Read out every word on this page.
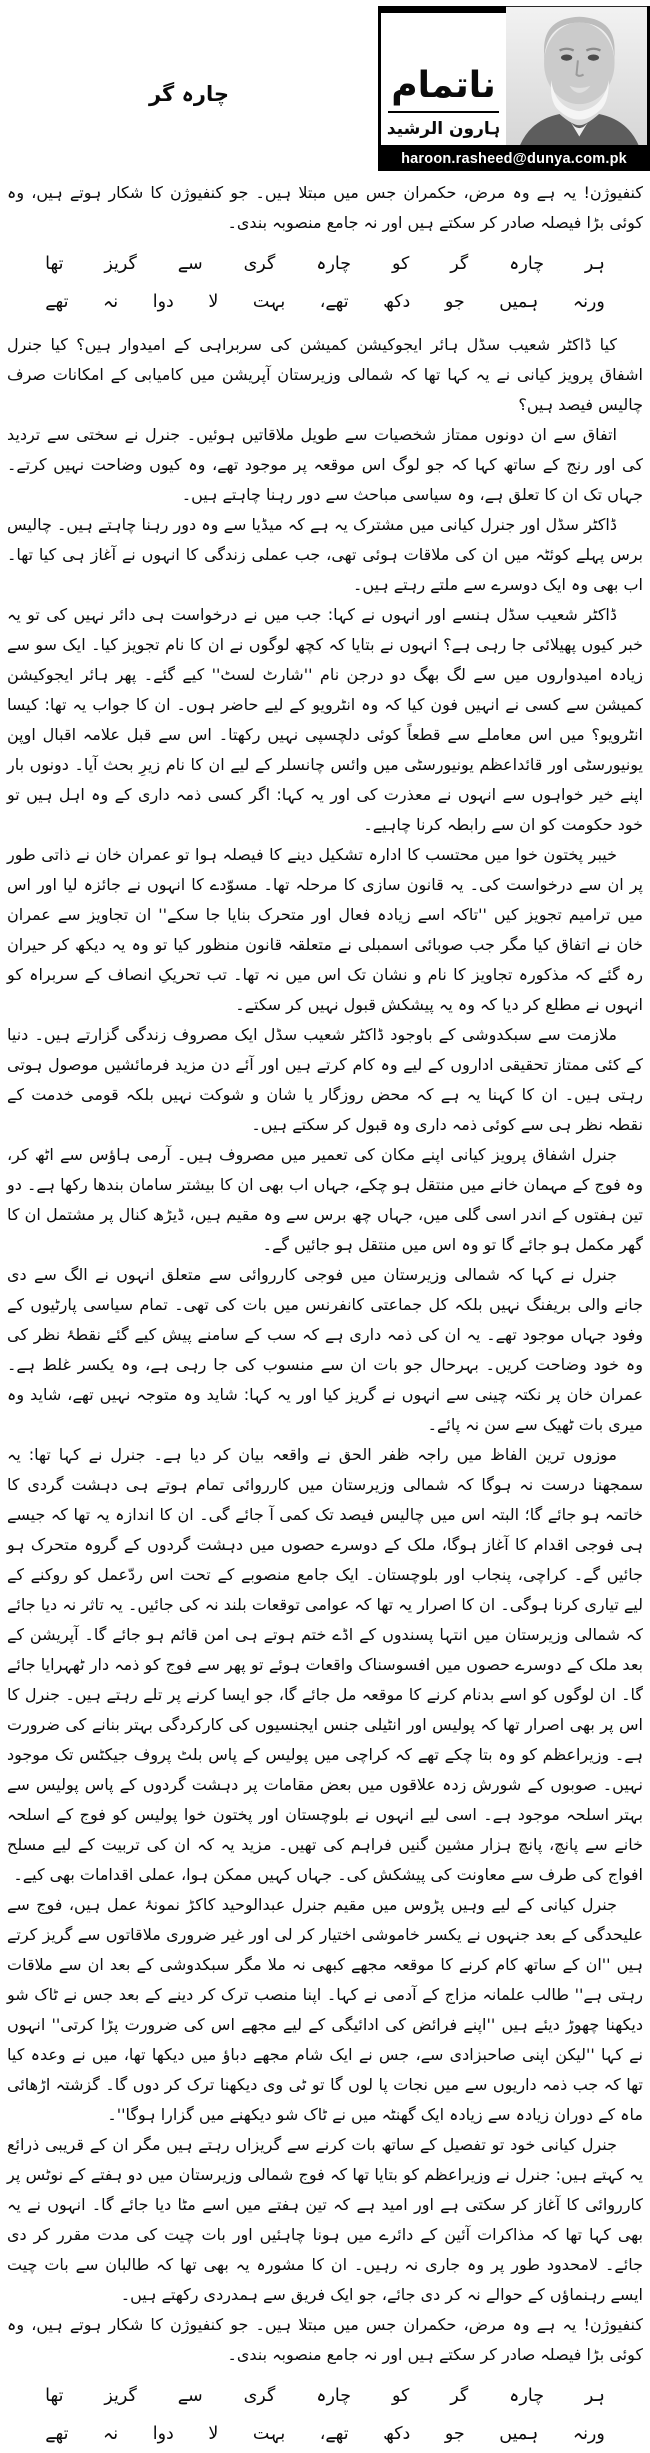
ناتمام
ہارون الرشید
haroon.rasheed@dunya.com.pk
چارہ گر

کنفیوژن! یہ ہے وہ مرض، حکمران جس میں مبتلا ہیں۔ جو کنفیوژن کا شکار ہوتے ہیں، وہ کوئی بڑا فیصلہ صادر کر سکتے ہیں اور نہ جامع منصوبہ بندی۔

ہر
چارہ
گر
کو
چارہ
گری
سے
گریز
تھا
ورنہ
ہمیں
جو
دکھ
تھے،
بہت
لا
دوا
نہ
تھے

کیا ڈاکٹر شعیب سڈل ہائر ایجوکیشن کمیشن کی سربراہی کے امیدوار ہیں؟ کیا جنرل اشفاق پرویز کیانی نے یہ کہا تھا کہ شمالی وزیرستان آپریشن میں کامیابی کے امکانات صرف چالیس فیصد ہیں؟

اتفاق سے ان دونوں ممتاز شخصیات سے طویل ملاقاتیں ہوئیں۔ جنرل نے سختی سے تردید کی اور رنج کے ساتھ کہا کہ جو لوگ اس موقعہ پر موجود تھے، وہ کیوں وضاحت نہیں کرتے۔ جہاں تک ان کا تعلق ہے، وہ سیاسی مباحث سے دور رہنا چاہتے ہیں۔

ڈاکٹر سڈل اور جنرل کیانی میں مشترک یہ ہے کہ میڈیا سے وہ دور رہنا چاہتے ہیں۔ چالیس برس پہلے کوئٹہ میں ان کی ملاقات ہوئی تھی، جب عملی زندگی کا انہوں نے آغاز ہی کیا تھا۔ اب بھی وہ ایک دوسرے سے ملتے رہتے ہیں۔

ڈاکٹر شعیب سڈل ہنسے اور انہوں نے کہا: جب میں نے درخواست ہی دائر نہیں کی تو یہ خبر کیوں پھیلائی جا رہی ہے؟ انہوں نے بتایا کہ کچھ لوگوں نے ان کا نام تجویز کیا۔ ایک سو سے زیادہ امیدواروں میں سے لگ بھگ دو درجن نام ''شارٹ لسٹ'' کیے گئے۔ پھر ہائر ایجوکیشن کمیشن سے کسی نے انہیں فون کیا کہ وہ انٹرویو کے لیے حاضر ہوں۔ ان کا جواب یہ تھا: کیسا انٹرویو؟ میں اس معاملے سے قطعاً کوئی دلچسپی نہیں رکھتا۔ اس سے قبل علامہ اقبال اوپن یونیورسٹی اور قائداعظم یونیورسٹی میں وائس چانسلر کے لیے ان کا نام زیرِ بحث آیا۔ دونوں بار اپنے خیر خواہوں سے انہوں نے معذرت کی اور یہ کہا: اگر کسی ذمہ داری کے وہ اہل ہیں تو خود حکومت کو ان سے رابطہ کرنا چاہیے۔

خیبر پختون خوا میں محتسب کا ادارہ تشکیل دینے کا فیصلہ ہوا تو عمران خان نے ذاتی طور پر ان سے درخواست کی۔ یہ قانون سازی کا مرحلہ تھا۔ مسوّدے کا انہوں نے جائزہ لیا اور اس میں ترامیم تجویز کیں ''تاکہ اسے زیادہ فعال اور متحرک بنایا جا سکے'' ان تجاویز سے عمران خان نے اتفاق کیا مگر جب صوبائی اسمبلی نے متعلقہ قانون منظور کیا تو وہ یہ دیکھ کر حیران رہ گئے کہ مذکورہ تجاویز کا نام و نشان تک اس میں نہ تھا۔ تب تحریکِ انصاف کے سربراہ کو انہوں نے مطلع کر دیا کہ وہ یہ پیشکش قبول نہیں کر سکتے۔

ملازمت سے سبکدوشی کے باوجود ڈاکٹر شعیب سڈل ایک مصروف زندگی گزارتے ہیں۔ دنیا کے کئی ممتاز تحقیقی اداروں کے لیے وہ کام کرتے ہیں اور آئے دن مزید فرمائشیں موصول ہوتی رہتی ہیں۔ ان کا کہنا یہ ہے کہ محض روزگار یا شان و شوکت نہیں بلکہ قومی خدمت کے نقطہ نظر ہی سے کوئی ذمہ داری وہ قبول کر سکتے ہیں۔

جنرل اشفاق پرویز کیانی اپنے مکان کی تعمیر میں مصروف ہیں۔ آرمی ہاؤس سے اٹھ کر، وہ فوج کے مہمان خانے میں منتقل ہو چکے، جہاں اب بھی ان کا بیشتر سامان بندھا رکھا ہے۔ دو تین ہفتوں کے اندر اسی گلی میں، جہاں چھ برس سے وہ مقیم ہیں، ڈیڑھ کنال پر مشتمل ان کا گھر مکمل ہو جائے گا تو وہ اس میں منتقل ہو جائیں گے۔

جنرل نے کہا کہ شمالی وزیرستان میں فوجی کارروائی سے متعلق انہوں نے الگ سے دی جانے والی بریفنگ نہیں بلکہ کل جماعتی کانفرنس میں بات کی تھی۔ تمام سیاسی پارٹیوں کے وفود جہاں موجود تھے۔ یہ ان کی ذمہ داری ہے کہ سب کے سامنے پیش کیے گئے نقطۂ نظر کی وہ خود وضاحت کریں۔ بہرحال جو بات ان سے منسوب کی جا رہی ہے، وہ یکسر غلط ہے۔ عمران خان پر نکتہ چینی سے انہوں نے گریز کیا اور یہ کہا: شاید وہ متوجہ نہیں تھے، شاید وہ میری بات ٹھیک سے سن نہ پائے۔

موزوں ترین الفاظ میں راجہ ظفر الحق نے واقعہ بیان کر دیا ہے۔ جنرل نے کہا تھا: یہ سمجھنا درست نہ ہوگا کہ شمالی وزیرستان میں کارروائی تمام ہوتے ہی دہشت گردی کا خاتمہ ہو جائے گا؛ البتہ اس میں چالیس فیصد تک کمی آ جائے گی۔ ان کا اندازہ یہ تھا کہ جیسے ہی فوجی اقدام کا آغاز ہوگا، ملک کے دوسرے حصوں میں دہشت گردوں کے گروہ متحرک ہو جائیں گے۔ کراچی، پنجاب اور بلوچستان۔ ایک جامع منصوبے کے تحت اس ردّعمل کو روکنے کے لیے تیاری کرنا ہوگی۔ ان کا اصرار یہ تھا کہ عوامی توقعات بلند نہ کی جائیں۔ یہ تاثر نہ دیا جائے کہ شمالی وزیرستان میں انتہا پسندوں کے اڈے ختم ہوتے ہی امن قائم ہو جائے گا۔ آپریشن کے بعد ملک کے دوسرے حصوں میں افسوسناک واقعات ہوئے تو پھر سے فوج کو ذمہ دار ٹھہرایا جائے گا۔ ان لوگوں کو اسے بدنام کرنے کا موقعہ مل جائے گا، جو ایسا کرنے پر تلے رہتے ہیں۔ جنرل کا اس پر بھی اصرار تھا کہ پولیس اور انٹیلی جنس ایجنسیوں کی کارکردگی بہتر بنانے کی ضرورت ہے۔ وزیراعظم کو وہ بتا چکے تھے کہ کراچی میں پولیس کے پاس بلٹ پروف جیکٹس تک موجود نہیں۔ صوبوں کے شورش زدہ علاقوں میں بعض مقامات پر دہشت گردوں کے پاس پولیس سے بہتر اسلحہ موجود ہے۔ اسی لیے انہوں نے بلوچستان اور پختون خوا پولیس کو فوج کے اسلحہ خانے سے پانچ، پانچ ہزار مشین گنیں فراہم کی تھیں۔ مزید یہ کہ ان کی تربیت کے لیے مسلح افواج کی طرف سے معاونت کی پیشکش کی۔ جہاں کہیں ممکن ہوا، عملی اقدامات بھی کیے۔

جنرل کیانی کے لیے وہیں پڑوس میں مقیم جنرل عبدالوحید کاکڑ نمونۂ عمل ہیں، فوج سے علیحدگی کے بعد جنہوں نے یکسر خاموشی اختیار کر لی اور غیر ضروری ملاقاتوں سے گریز کرتے ہیں ''ان کے ساتھ کام کرنے کا موقعہ مجھے کبھی نہ ملا مگر سبکدوشی کے بعد ان سے ملاقات رہتی ہے'' طالب علمانہ مزاج کے آدمی نے کہا۔ اپنا منصب ترک کر دینے کے بعد جس نے ٹاک شو دیکھنا چھوڑ دیئے ہیں ''اپنے فرائض کی ادائیگی کے لیے مجھے اس کی ضرورت پڑا کرتی'' انہوں نے کہا ''لیکن اپنی صاحبزادی سے، جس نے ایک شام مجھے دباؤ میں دیکھا تھا، میں نے وعدہ کیا تھا کہ جب ذمہ داریوں سے میں نجات پا لوں گا تو ٹی وی دیکھنا ترک کر دوں گا۔ گزشتہ اڑھائی ماہ کے دوران زیادہ سے زیادہ ایک گھنٹہ میں نے ٹاک شو دیکھنے میں گزارا ہوگا''۔

جنرل کیانی خود تو تفصیل کے ساتھ بات کرنے سے گریزاں رہتے ہیں مگر ان کے قریبی ذرائع یہ کہتے ہیں: جنرل نے وزیراعظم کو بتایا تھا کہ فوج شمالی وزیرستان میں دو ہفتے کے نوٹس پر کارروائی کا آغاز کر سکتی ہے اور امید ہے کہ تین ہفتے میں اسے مٹا دیا جائے گا۔ انہوں نے یہ بھی کہا تھا کہ مذاکرات آئین کے دائرے میں ہونا چاہئیں اور بات چیت کی مدت مقرر کر دی جائے۔ لامحدود طور پر وہ جاری نہ رہیں۔ ان کا مشورہ یہ بھی تھا کہ طالبان سے بات چیت ایسے رہنماؤں کے حوالے نہ کر دی جائے، جو ایک فریق سے ہمدردی رکھتے ہیں۔

کنفیوژن! یہ ہے وہ مرض، حکمران جس میں مبتلا ہیں۔ جو کنفیوژن کا شکار ہوتے ہیں، وہ کوئی بڑا فیصلہ صادر کر سکتے ہیں اور نہ جامع منصوبہ بندی۔

ہر
چارہ
گر
کو
چارہ
گری
سے
گریز
تھا
ورنہ
ہمیں
جو
دکھ
تھے،
بہت
لا
دوا
نہ
تھے
